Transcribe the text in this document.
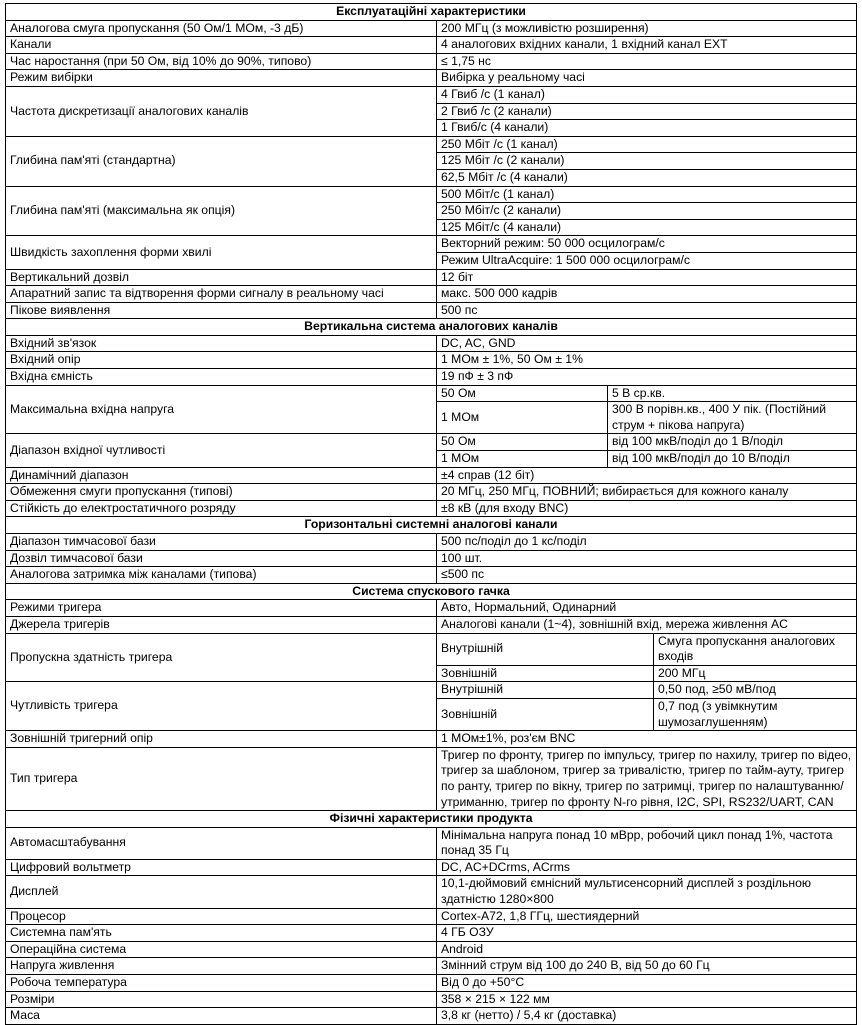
Експлуатаційні характеристики			
Аналогова смуга пропускання (50 Ом/1 МОм, -3 дБ)	200 МГц (з можливістю розширення)		
Канали	4 аналогових вхідних канали, 1 вхідний канал EXT		
Час наростання (при 50 Ом, від 10% до 90%, типово)	≤ 1,75 нс		
Режим вибірки	Вибірка у реальному часі		
Частота дискретизації аналогових каналів	4 Гвиб /с (1 канал)		
	2 Гвиб /с (2 канали)		
	1 Гвиб/с (4 канали)		
Глибина пам'яті (стандартна)	250 Мбіт /с (1 канал)		
	125 Мбіт /с (2 канали)		
	62,5 Мбіт /с (4 канали)		
Глибина пам'яті (максимальна як опція)	500 Мбіт/с (1 канал)		
	250 Мбіт/с (2 канали)		
	125 Мбіт/с (4 канали)		
Швидкість захоплення форми хвилі	Векторний режим: 50 000 осцилограм/с		
	Режим UltraAcquire: 1 500 000 осцилограм/с		
Вертикальний дозвіл	12 біт		
Апаратний запис та відтворення форми сигналу в реальному часі	макс. 500 000 кадрів		
Пікове виявлення	500 пс		
Вертикальна система аналогових каналів			
Вхідний зв'язок	DC, AC, GND		
Вхідний опір	1 МОм ± 1%, 50 Ом ± 1%		
Вхідна ємність	19 пФ ± 3 пФ		
Максимальна вхідна напруга	50 Ом	5 В ср.кв.	
	1 МОм	300 В порівн.кв., 400 У пік. (Постійний струм + пікова напруга)	
Діапазон вхідної чутливості	50 Ом	від 100 мкВ/поділ до 1 В/поділ	
	1 МОм	від 100 мкВ/поділ до 10 В/поділ	
Динамічний діапазон	±4 справ (12 біт)		
Обмеження смуги пропускання (типові)	20 МГц, 250 МГц, ПОВНИЙ; вибирається для кожного каналу		
Стійкість до електростатичного розряду	±8 кВ (для входу BNC)		
Горизонтальні системні аналогові канали			
Діапазон тимчасової бази	500 пс/поділ до 1 кс/поділ		
Дозвіл тимчасової бази	100 шт.		
Аналогова затримка між каналами (типова)	≤500 пс		
Система спускового гачка			
Режими тригера	Авто, Нормальний, Одинарний		
Джерела тригерів	Аналогові канали (1~4), зовнішній вхід, мережа живлення AC		
Пропускна здатність тригера	Внутрішній		Смуга пропускання аналогових входів
	Зовнішній		200 МГц
Чутливість тригера	Внутрішній		0,50 под, ≥50 мВ/под
	Зовнішній		0,7 под (з увімкнутим шумозаглушенням)
Зовнішній тригерний опір	1 МОм±1%, роз'єм BNC		
Тип тригера	Тригер по фронту, тригер по імпульсу, тригер по нахилу, тригер по відео, тригер за шаблоном, тригер за тривалістю, тригер по тайм-ауту, тригер по ранту, тригер по вікну, тригер по затримці, тригер по налаштуванню/утриманню, тригер по фронту N-го рівня, I2C, SPI, RS232/UART, CAN		
Фізичні характеристики продукта			
Автомасштабування	Мінімальна напруга понад 10 мВpp, робочий цикл понад 1%, частота понад 35 Гц		
Цифровий вольтметр	DC, AC+DCrms, ACrms		
Дисплей	10,1-дюймовий ємнісний мультисенсорний дисплей з роздільною здатністю 1280×800		
Процесор	Cortex-A72, 1,8 ГГц, шестиядерний		
Системна пам'ять	4 ГБ ОЗУ		
Операційна система	Android		
Напруга живлення	Змінний струм від 100 до 240 В, від 50 до 60 Гц		
Робоча температура	Від 0 до +50°C		
Розміри	358 × 215 × 122 мм		
Маса	3,8 кг (нетто) / 5,4 кг (доставка)		
